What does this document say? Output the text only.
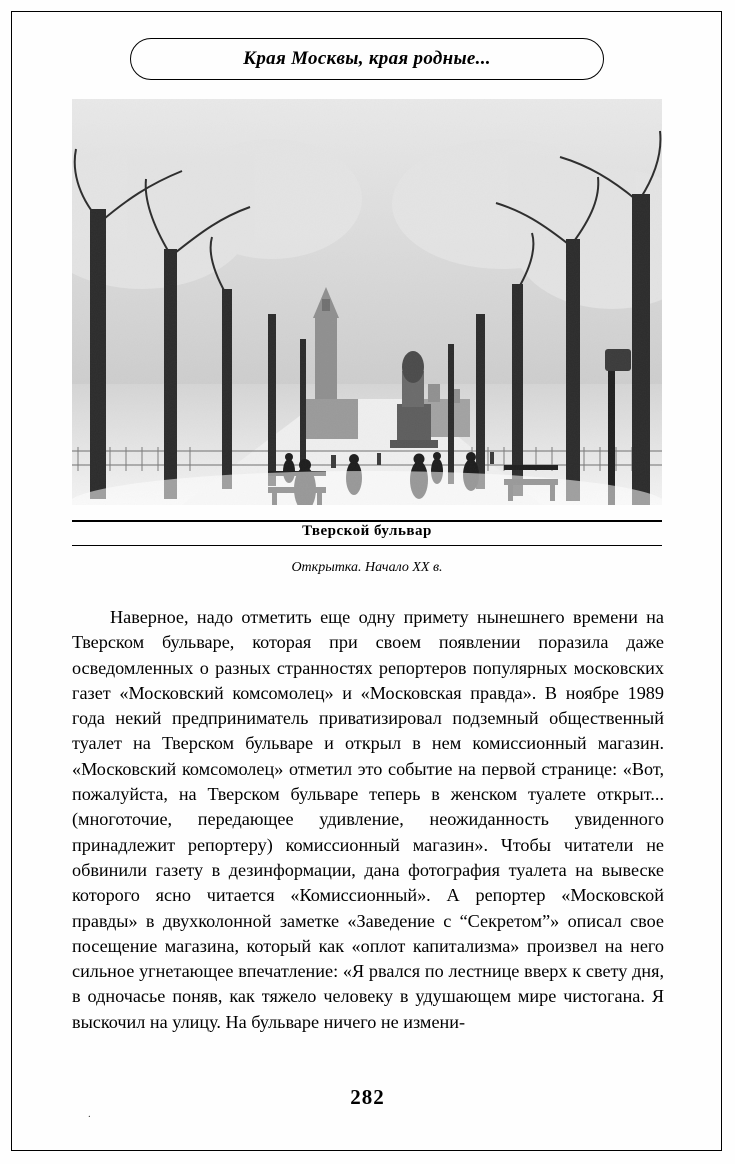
Края Москвы, края родные...
Тверской бульвар
Открытка. Начало XX в.

Наверное, надо отметить еще одну примету нынешнего времени на Тверском бульваре, которая при своем появлении поразила даже осведомленных о разных странностях репортеров популярных московских газет «Московский комсомолец» и «Московская правда». В ноябре 1989 года некий предприниматель приватизировал подземный общественный туалет на Тверском бульваре и открыл в нем комиссионный магазин. «Московский комсомолец» отметил это событие на первой странице: «Вот, пожалуйста, на Тверском бульваре теперь в женском туалете открыт... (многоточие, передающее удивление, неожиданность увиденного принадлежит репортеру) комиссионный магазин». Чтобы читатели не обвинили газету в дезинформации, дана фотография туалета на вывеске которого ясно читается «Комиссионный». А репортер «Московской правды» в двухколонной заметке «Заведение с “Секретом”» описал свое посещение магазина, который как «оплот капитализма» произвел на него сильное угнетающее впечатление: «Я рвался по лестнице вверх к свету дня, в одночасье поняв, как тяжело человеку в удушающем мире чистогана. Я выскочил на улицу. На бульваре ничего не измени-

282
.
